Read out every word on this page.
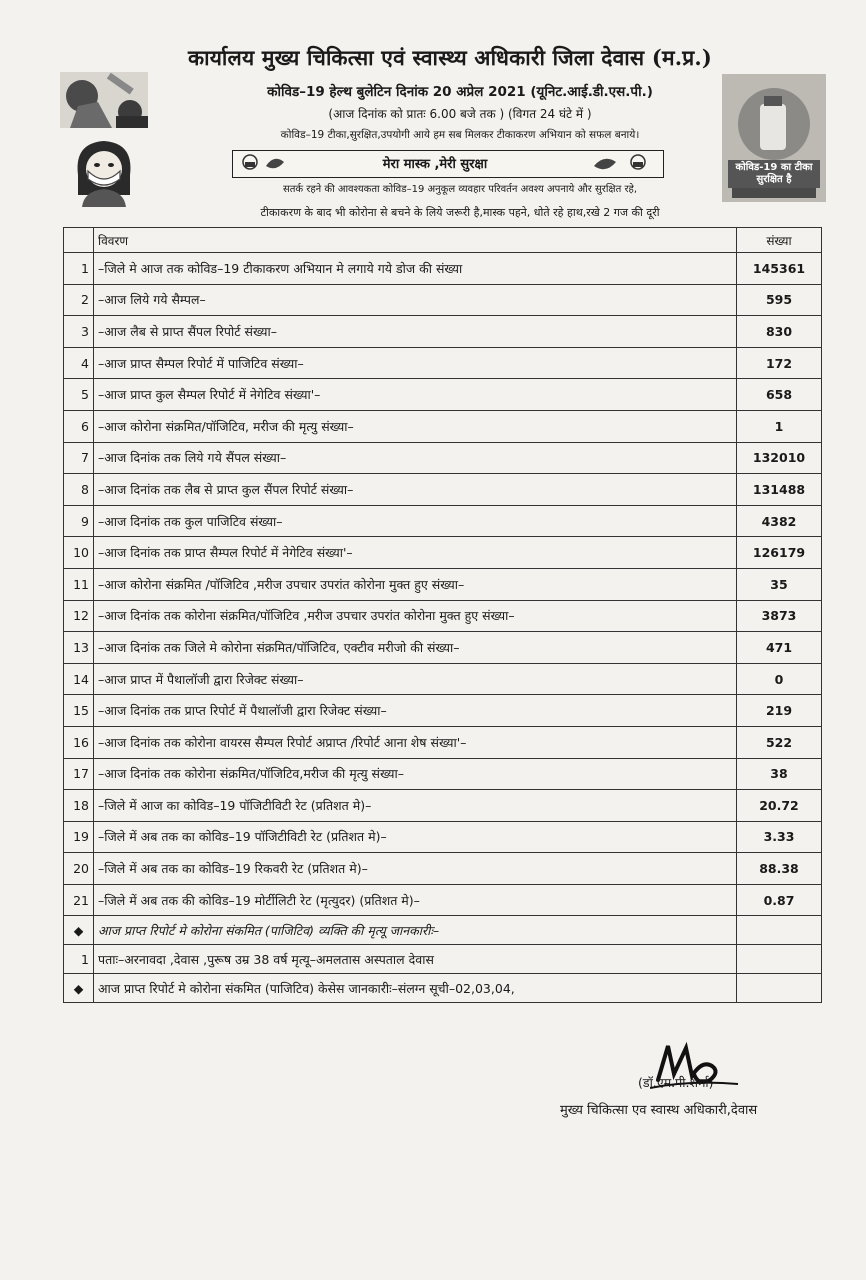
कार्यालय मुख्य चिकित्सा एवं स्वास्थ्य अधिकारी जिला देवास (म.प्र.)
कोविड-19 का टीका सुरक्षित है
कोविड–19 हेल्थ बुलेटिन दिनांक 20 अप्रेल 2021 (यूनिट.आई.डी.एस.पी.)
(आज दिनांक को प्रातः 6.00 बजे तक ) (विगत 24 घंटे में )
कोविड–19 टीका,सुरक्षित,उपयोगी आये हम सब मिलकर टीकाकरण अभियान को सफल बनाये।
मेरा मास्क ,मेरी सुरक्षा
सतर्क रहने की आवश्यकता कोविड–19 अनुकूल व्यवहार परिवर्तन अवश्य अपनाये और सुरक्षित रहे,
टीकाकरण के बाद भी कोरोना से बचने के लिये जरूरी है,मास्क पहने, धोते रहे हाथ,रखे 2 गज की दूरी
	विवरण	संख्या
1	–जिले मे आज तक कोविड–19 टीकाकरण अभियान मे लगाये गये डोज की संख्या	145361
2	–आज लिये गये सैम्पल–	595
3	–आज लैब से प्राप्त सैंपल रिपोर्ट संख्या–	830
4	–आज प्राप्त सैम्पल रिपोर्ट में पाजिटिव संख्या–	172
5	–आज प्राप्त कुल सैम्पल रिपोर्ट में नेगेटिव संख्या'–	658
6	–आज कोरोना संक्रमित/पॉजिटिव, मरीज की मृत्यु संख्या–	1
7	–आज दिनांक तक लिये गये सैंपल संख्या–	132010
8	–आज दिनांक तक लैब से प्राप्त कुल सैंपल रिपोर्ट संख्या–	131488
9	–आज दिनांक तक कुल पाजिटिव संख्या–	4382
10	–आज दिनांक तक प्राप्त सैम्पल रिपोर्ट में नेगेटिव संख्या'–	126179
11	–आज कोरोना संक्रमित /पॉजिटिव ,मरीज उपचार उपरांत कोरोना मुक्त हुए संख्या–	35
12	–आज दिनांक तक कोरोना संक्रमित/पॉजिटिव ,मरीज उपचार उपरांत कोरोना मुक्त हुए संख्या–	3873
13	–आज दिनांक तक जिले मे कोरोना संक्रमित/पॉजिटिव, एक्टीव मरीजो की संख्या–	471
14	–आज प्राप्त में पैथालॉजी द्वारा रिजेक्ट संख्या–	0
15	–आज दिनांक तक प्राप्त रिपोर्ट में पैथालॉजी द्वारा रिजेक्ट संख्या–	219
16	–आज दिनांक तक कोरोना वायरस सैम्पल रिपोर्ट अप्राप्त /रिपोर्ट आना शेष संख्या'–	522
17	–आज दिनांक तक कोरोना संक्रमित/पॉजिटिव,मरीज की मृत्यु संख्या–	38
18	–जिले में आज का कोविड–19 पॉजिटीविटी रेट (प्रतिशत मे)–	20.72
19	–जिले में अब तक का कोविड–19 पॉजिटीविटी रेट (प्रतिशत मे)–	3.33
20	–जिले में अब तक का कोविड–19 रिकवरी रेट (प्रतिशत मे)–	88.38
21	–जिले में अब तक की कोविड–19 मोर्टीलिटी रेट (मृत्युदर) (प्रतिशत मे)–	0.87
◆	आज प्राप्त रिपोर्ट मे कोरोना संकमित (पाजिटिव) व्यक्ति की मृत्यू जानकारीः–	
1	पताः–अरनावदा ,देवास ,पुरूष उम्र 38 वर्ष मृत्यू–अमलतास अस्पताल देवास	
◆	आज प्राप्त रिपोर्ट मे कोरोना संकमित (पाजिटिव) केसेस जानकारीः–संलग्न सूची–02,03,04,	
(डॉ.एम.पी.शर्मा)
मुख्य चिकित्सा एव स्वास्थ अधिकारी,देवास
